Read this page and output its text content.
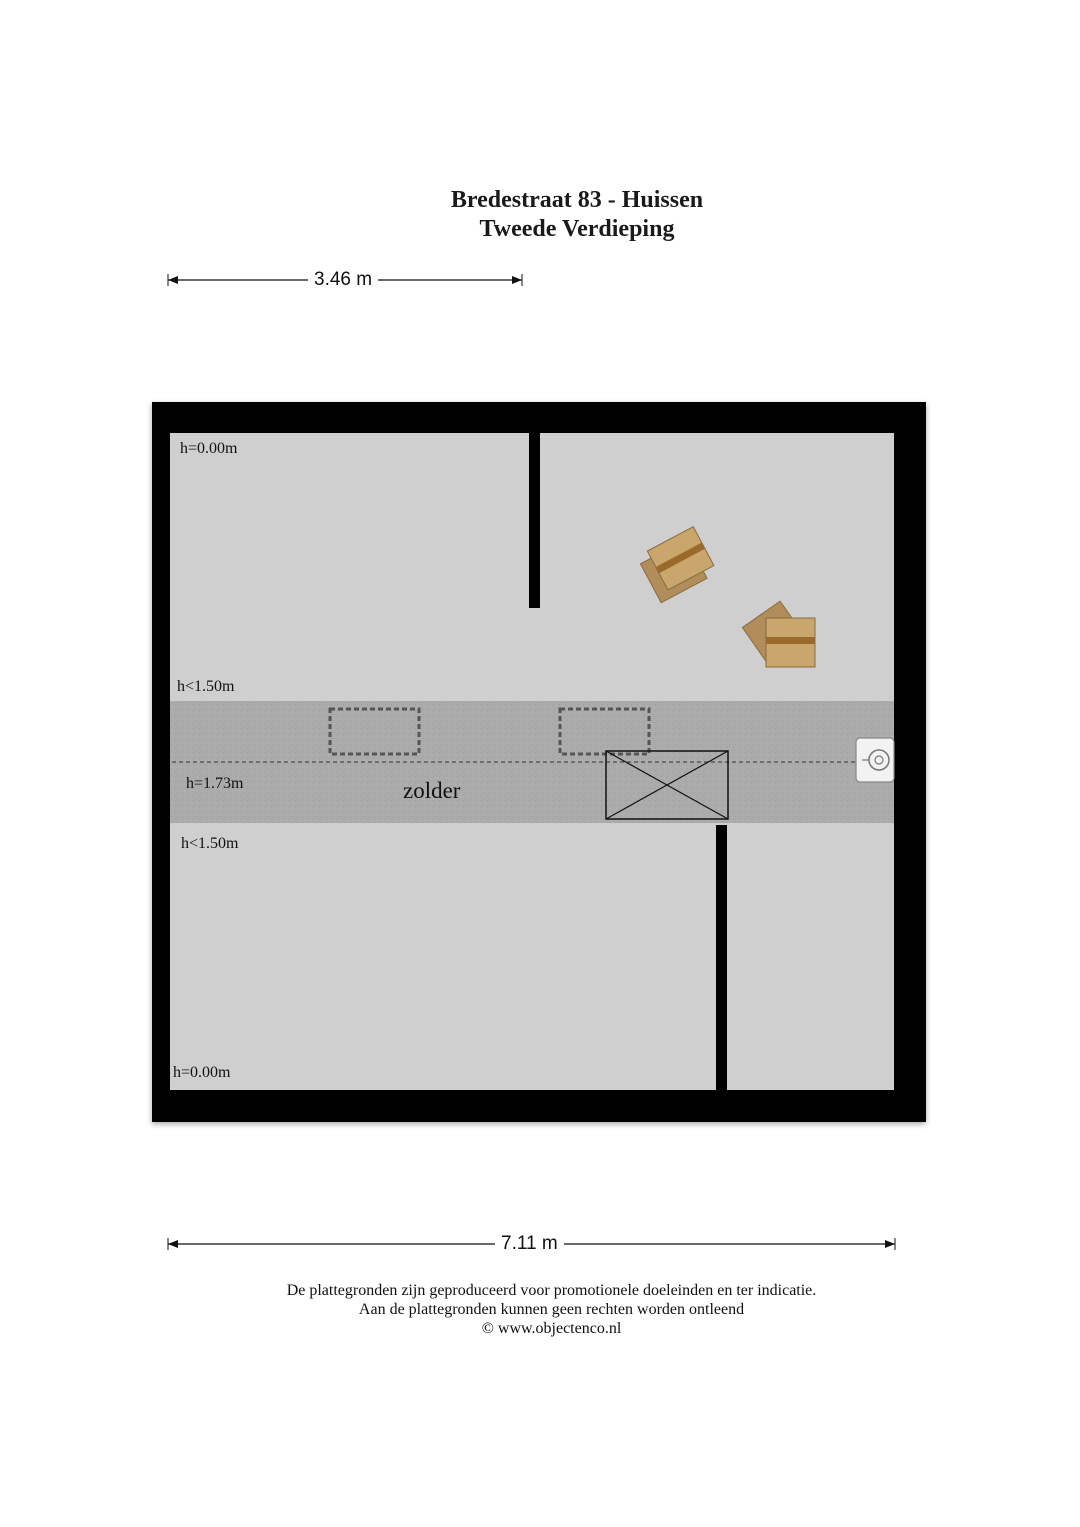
Bredestraat 83 - Huissen
Tweede Verdieping
3.46 m
7.11 m
h=0.00m
h<1.50m
h=1.73m
h<1.50m
h=0.00m
zolder
De plattegronden zijn geproduceerd voor promotionele doeleinden en ter indicatie.
Aan de plattegronden kunnen geen rechten worden ontleend
© www.objectenco.nl
